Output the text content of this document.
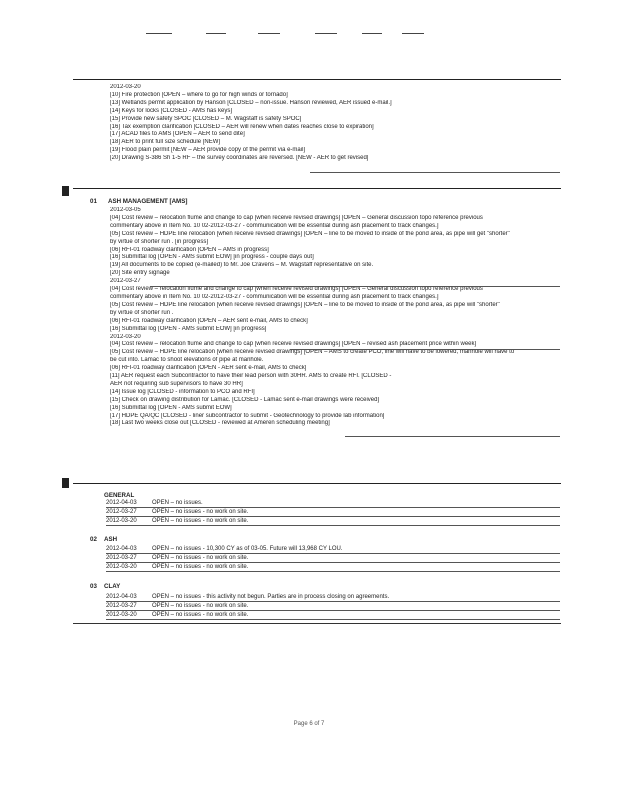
2012-03-20
[10] Fire protection [OPEN – where to go for high winds or tornado]
[13] Wetlands permit application by Hanson [CLOSED – non-issue. Hanson reviewed, AER issued e-mail.]
[14] Keys for locks [CLOSED - AMS has keys]
[15] Provide new safety SPOC [CLOSED – M. Wagstaff is safety SPOC]
[16] Tax exemption clarification [CLOSED – AER will renew when dates reaches close to expiration]
[17] ACAD files to AMS [OPEN – AER to send dite]
[18] AER to print full size schedule [NEW]
[19] Flood plain permit [NEW – AER provide copy of the permit via e-mail]
[20] Drawing S-386 Sh 1-5 RF – the survey coordinates are reversed. [NEW - AER to get revised]
01 ASH MANAGEMENT [AMS]
2012-03-05
[04] Cost review – relocation flume and change to cap [when receive revised drawings] [OPEN – General discussion topo reference previous
commentary above in Item No. 10 02-2012-03-27 - communication will be essential during ash placement to track changes.]
[05] Cost review – HDPE line relocation [when receive revised drawings] [OPEN – line to be moved to inside of the pond area, as pipe will get "shorter"
by virtue of shorter run . [in progress]
[06] RFI-01 roadway clarification [OPEN – AMS in progress]
[16] Submittal log [OPEN - AMS submit EOW] [in progress - couple days out]
[19] All documents to be copied (e-mailed) to Mr. Joe Cravens – M. Wagstaff representative on site.
[20] Site entry signage
2012-03-27
[04] Cost review – relocation flume and change to cap [when receive revised drawings] [OPEN – General discussion topo reference previous
commentary above in Item No. 10 02-2012-03-27 - communication will be essential during ash placement to track changes.]
[05] Cost review – HDPE line relocation [when receive revised drawings] [OPEN – line to be moved to inside of the pond area, as pipe will "shorter"
by virtue of shorter run .
[06] RFI-01 roadway clarification [OPEN – AER sent e-mail, AMS to check]
[16] Submittal log [OPEN - AMS submit EOW] [in progress]
2012-03-20
[04] Cost review – relocation flume and change to cap [when receive revised drawings] [OPEN – revised ash placement price within week]
[05] Cost review – HDPE line relocation [when receive revised drawings] [OPEN – AMS to create PCO, line will have to be lowered, manhole will have to
be cut into. Lamac to shoot elevations of pipe at manhole.
[06] RFI-01 roadway clarification [OPEN - AER sent e-mail, AMS to check]
[11] AER request each Subcontractor to have their lead person with 30HR. AMS to create RFI. [CLOSED -
AER not requiring sub supervisors to have 30 HR]
[14] Issue log [CLOSED - information to PCO and RFI]
[15] Check on drawing distribution for Lamac. [CLOSED - Lamac sent e-mail drawings were received]
[16] Submittal log [OPEN - AMS submit EOW]
[17] HDPE QA/QC [CLOSED - liner subcontractor to submit - Geotechnology to provide lab information]
[18] Last two weeks close out [CLOSED - reviewed at Ameren scheduling meeting]
GENERAL
2012-04-03	OPEN – no issues.
2012-03-27	OPEN – no issues - no work on site.
2012-03-20	OPEN – no issues - no work on site.
02 ASH
2012-04-03	OPEN – no issues - 10,300 CY as of 03-05. Future will 13,968 CY LOU.
2012-03-27	OPEN – no issues - no work on site.
2012-03-20	OPEN – no issues - no work on site.
03 CLAY
2012-04-03	OPEN – no issues - this activity not begun. Parties are in process closing on agreements.
2012-03-27	OPEN – no issues - no work on site.
2012-03-20	OPEN – no issues - no work on site.
Page 6 of 7
